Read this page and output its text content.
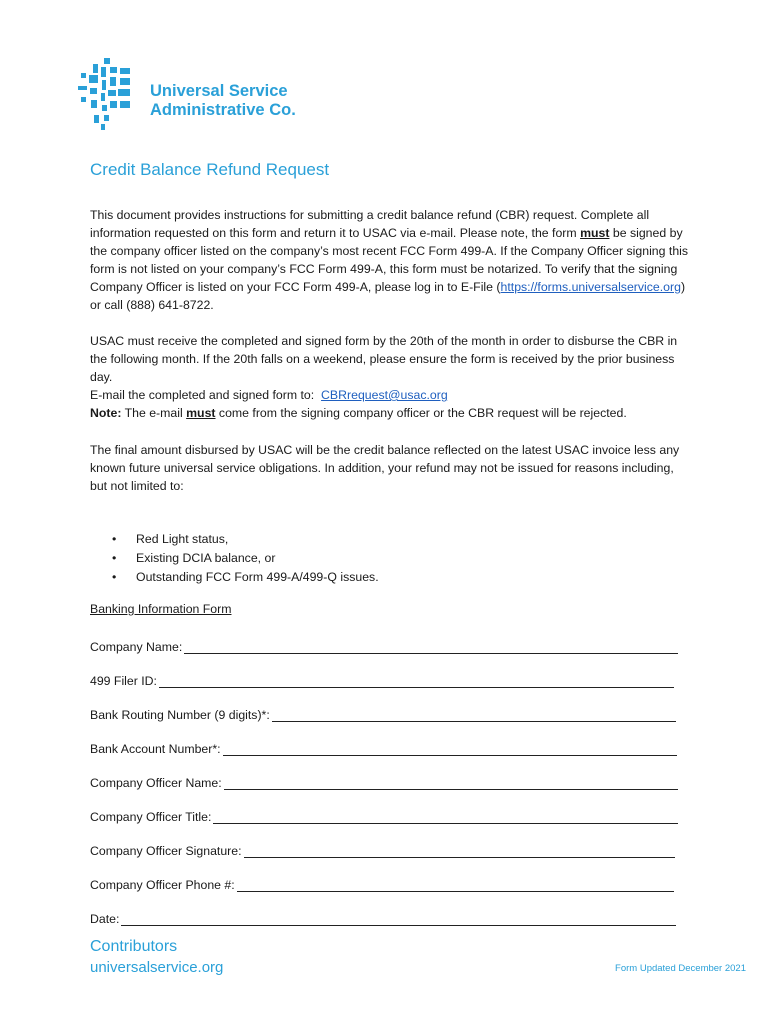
Universal Service
Administrative Co.
Credit Balance Refund Request

This document provides instructions for submitting a credit balance refund (CBR) request. Complete all information requested on this form and return it to USAC via e-mail. Please note, the form must be signed by the company officer listed on the company’s most recent FCC Form 499-A. If the Company Officer signing this form is not listed on your company’s FCC Form 499-A, this form must be notarized. To verify that the signing Company Officer is listed on your FCC Form 499-A, please log in to E-File (https://forms.universalservice.org) or call (888) 641-8722.

USAC must receive the completed and signed form by the 20th of the month in order to disburse the CBR in the following month. If the 20th falls on a weekend, please ensure the form is received by the prior business day.

E-mail the completed and signed form to: CBRrequest@usac.org
Note: The e-mail must come from the signing company officer or the CBR request will be rejected.

The final amount disbursed by USAC will be the credit balance reflected on the latest USAC invoice less any known future universal service obligations. In addition, your refund may not be issued for reasons including, but not limited to:

• Red Light status,
• Existing DCIA balance, or
• Outstanding FCC Form 499-A/499-Q issues.
Banking Information Form
Company Name:
499 Filer ID:
Bank Routing Number (9 digits)*:
Bank Account Number*:
Company Officer Name:
Company Officer Title:
Company Officer Signature:
Company Officer Phone #:
Date:
Contributors
universalservice.org	Form Updated December 2021
